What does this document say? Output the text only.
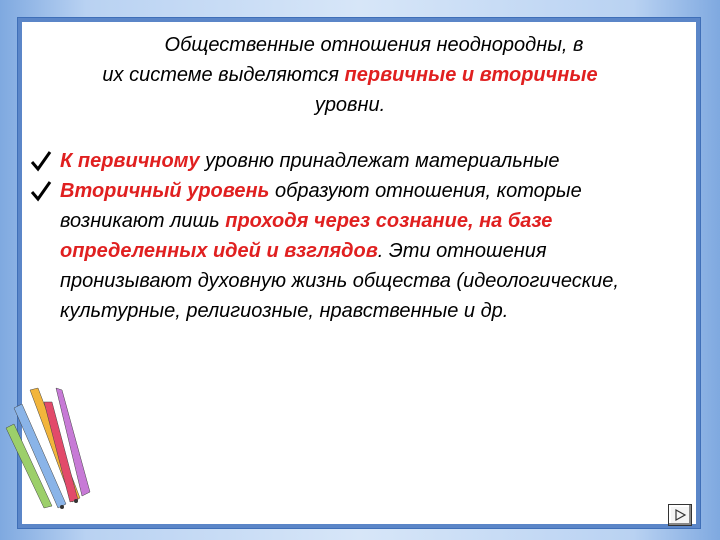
Общественные отношения неоднородны, в
их системе выделяются первичные и вторичные
уровни.

К первичному уровню принадлежат материальные

Вторичный уровень образуют отношения, которые возникают лишь проходя через сознание, на базе определенных идей и взглядов. Эти отношения пронизывают духовную жизнь общества (идеологические, культурные, религиозные, нравственные и др.
